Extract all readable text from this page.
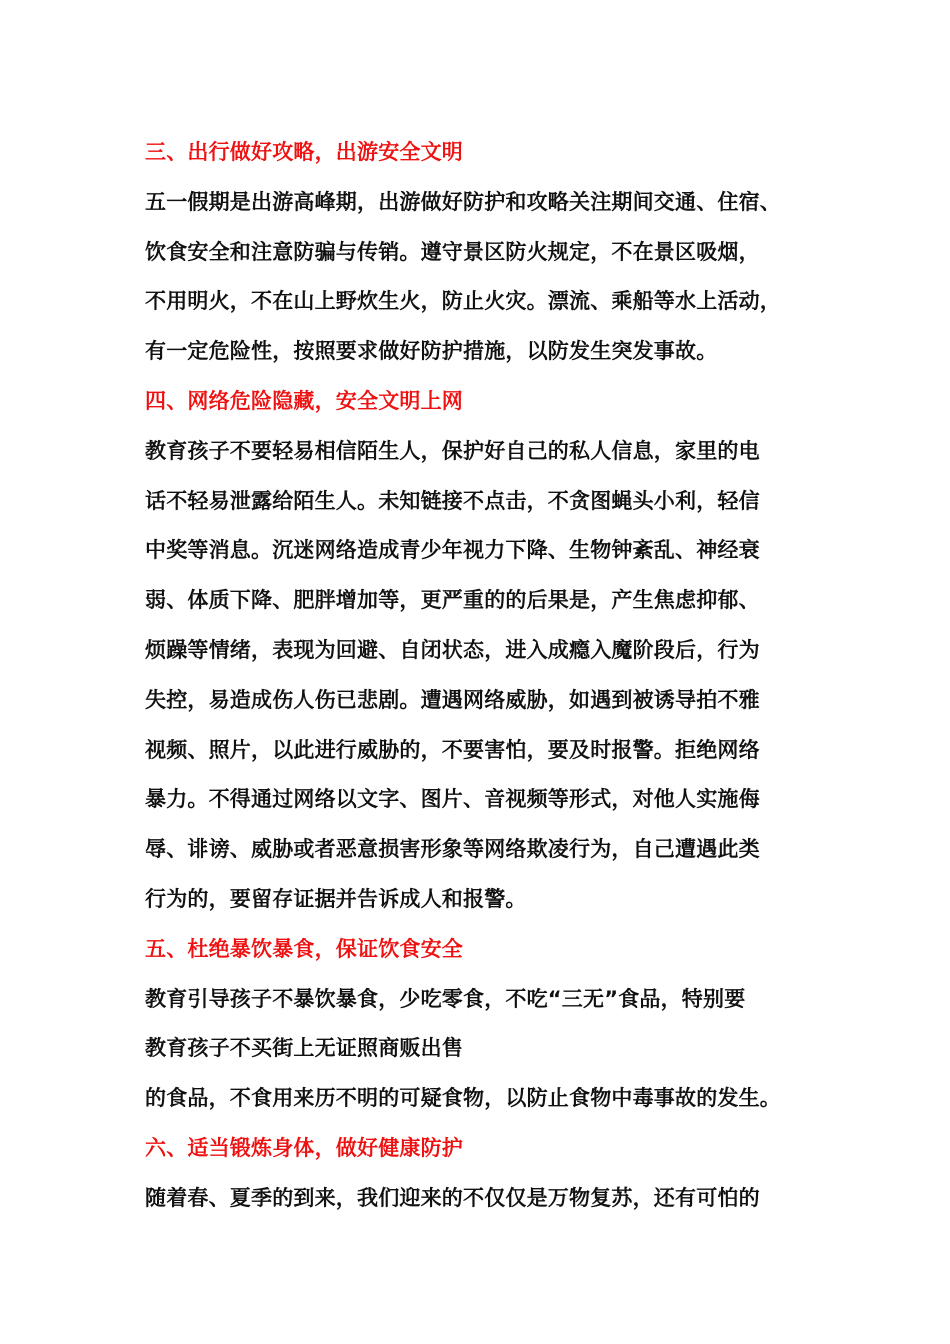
三、出行做好攻略，出游安全文明
五一假期是出游高峰期，出游做好防护和攻略关注期间交通、住宿、
饮食安全和注意防骗与传销。遵守景区防火规定，不在景区吸烟，
不用明火，不在山上野炊生火，防止火灾。漂流、乘船等水上活动，
有一定危险性，按照要求做好防护措施，以防发生突发事故。
四、网络危险隐藏，安全文明上网
教育孩子不要轻易相信陌生人，保护好自己的私人信息，家里的电
话不轻易泄露给陌生人。未知链接不点击，不贪图蝇头小利，轻信
中奖等消息。沉迷网络造成青少年视力下降、生物钟紊乱、神经衰
弱、体质下降、肥胖增加等，更严重的的后果是，产生焦虑抑郁、
烦躁等情绪，表现为回避、自闭状态，进入成瘾入魔阶段后，行为
失控，易造成伤人伤已悲剧。遭遇网络威胁，如遇到被诱导拍不雅
视频、照片，以此进行威胁的，不要害怕，要及时报警。拒绝网络
暴力。不得通过网络以文字、图片、音视频等形式，对他人实施侮
辱、诽谤、威胁或者恶意损害形象等网络欺凌行为，自己遭遇此类
行为的，要留存证据并告诉成人和报警。
五、杜绝暴饮暴食，保证饮食安全
教育引导孩子不暴饮暴食，少吃零食，不吃“三无”食品，特别要
教育孩子不买街上无证照商贩出售
的食品，不食用来历不明的可疑食物，以防止食物中毒事故的发生。
六、适当锻炼身体，做好健康防护
随着春、夏季的到来，我们迎来的不仅仅是万物复苏，还有可怕的
